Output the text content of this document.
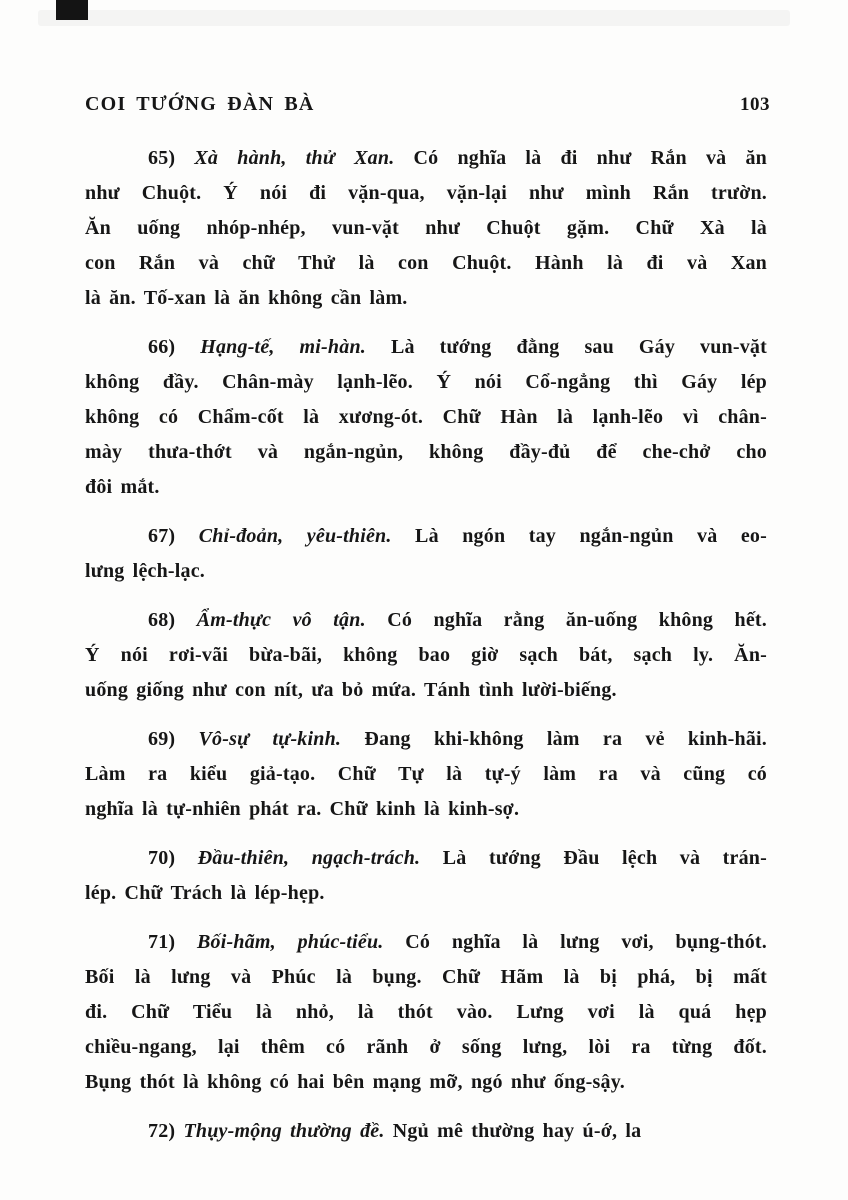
COI TƯỚNG ĐÀN BÀ	103
65) Xà hành, thử Xan. Có nghĩa là đi như Rắn và ăn
như Chuột. Ý nói đi vặn-qua, vặn-lại như mình Rắn trườn.
Ăn uống nhóp-nhép, vun-vặt như Chuột gặm. Chữ Xà là
con Rắn và chữ Thử là con Chuột. Hành là đi và Xan
là ăn. Tố-xan là ăn không cần làm.
66) Hạng-tế, mi-hàn. Là tướng đằng sau Gáy vun-vặt
không đầy. Chân-mày lạnh-lẽo. Ý nói Cổ-ngẳng thì Gáy lép
không có Chẩm-cốt là xương-ót. Chữ Hàn là lạnh-lẽo vì chân-
mày thưa-thớt và ngắn-ngủn, không đầy-đủ để che-chở cho
đôi mắt.
67) Chỉ-đoản, yêu-thiên. Là ngón tay ngắn-ngủn và eo-
lưng lệch-lạc.
68) Ẩm-thực vô tận. Có nghĩa rằng ăn-uống không hết.
Ý nói rơi-vãi bừa-bãi, không bao giờ sạch bát, sạch ly. Ăn-
uống giống như con nít, ưa bỏ mứa. Tánh tình lười-biếng.
69) Vô-sự tự-kinh. Đang khi-không làm ra vẻ kinh-hãi.
Làm ra kiểu giả-tạo. Chữ Tự là tự-ý làm ra và cũng có
nghĩa là tự-nhiên phát ra. Chữ kinh là kinh-sợ.
70) Đầu-thiên, ngạch-trách. Là tướng Đầu lệch và trán-
lép. Chữ Trách là lép-hẹp.
71) Bối-hãm, phúc-tiểu. Có nghĩa là lưng vơi, bụng-thót.
Bối là lưng và Phúc là bụng. Chữ Hãm là bị phá, bị mất
đi. Chữ Tiểu là nhỏ, là thót vào. Lưng vơi là quá hẹp
chiều-ngang, lại thêm có rãnh ở sống lưng, lòi ra từng đốt.
Bụng thót là không có hai bên mạng mỡ, ngó như ống-sậy.
72) Thụy-mộng thường đề. Ngủ mê thường hay ú-ớ, la
